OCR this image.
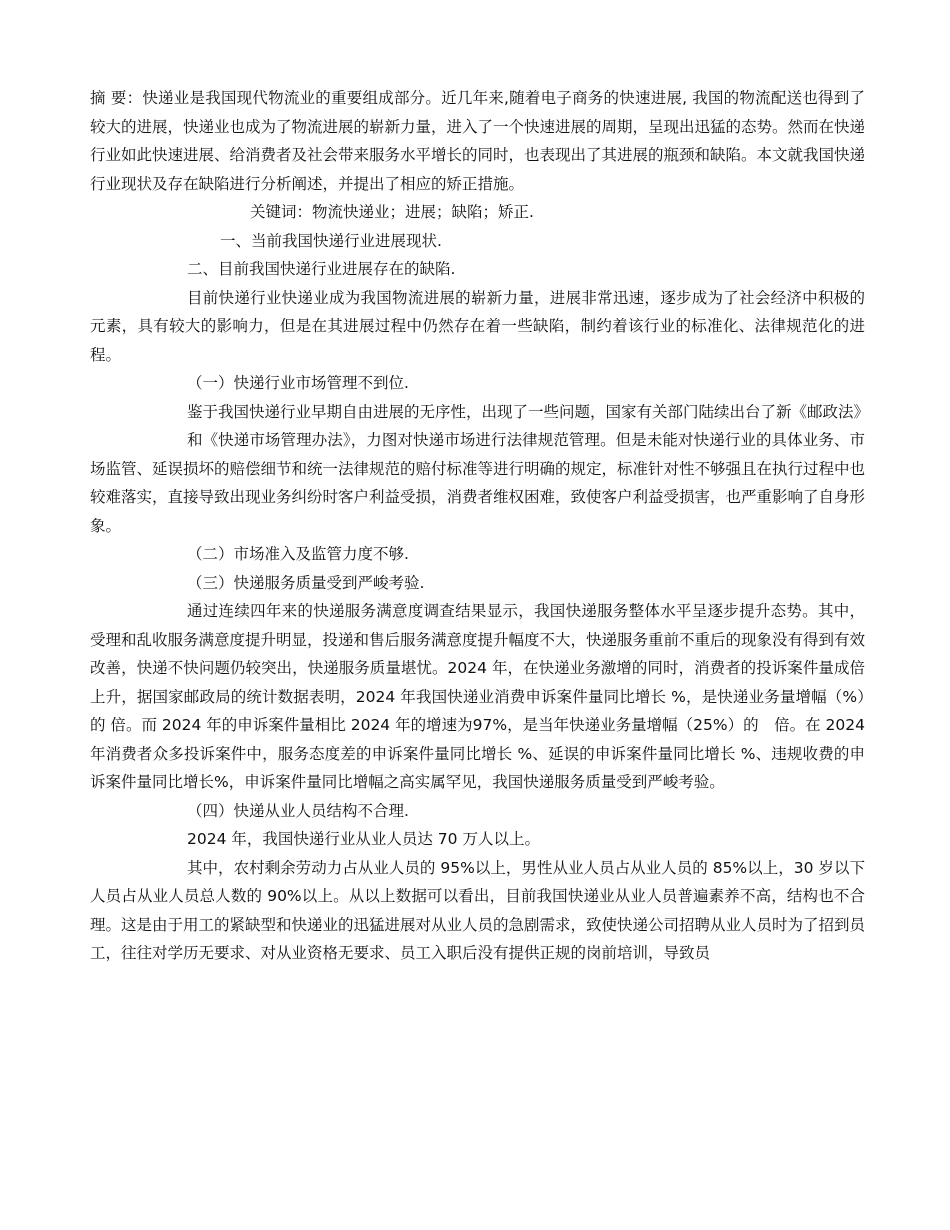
摘 要：快递业是我国现代物流业的重要组成部分。近几年来,随着电子商务的快速进展, 我国的物流配送也得到了较大的进展，快递业也成为了物流进展的崭新力量，进入了一个快速进展的周期，呈现出迅猛的态势。然而在快递行业如此快速进展、给消费者及社会带来服务水平增长的同时，也表现出了其进展的瓶颈和缺陷。本文就我国快递行业现状及存在缺陷进行分析阐述，并提出了相应的矫正措施。

关键词：物流快递业；进展；缺陷；矫正.

一、当前我国快递行业进展现状.

二、目前我国快递行业进展存在的缺陷.

目前快递行业快递业成为我国物流进展的崭新力量，进展非常迅速，逐步成为了社会经济中积极的元素，具有较大的影响力，但是在其进展过程中仍然存在着一些缺陷，制约着该行业的标准化、法律规范化的进程。

（一）快递行业市场管理不到位.

鉴于我国快递行业早期自由进展的无序性，出现了一些问题，国家有关部门陆续出台了新《邮政法》

和《快递市场管理办法》，力图对快递市场进行法律规范管理。但是未能对快递行业的具体业务、市场监管、延误损坏的赔偿细节和统一法律规范的赔付标准等进行明确的规定，标准针对性不够强且在执行过程中也较难落实，直接导致出现业务纠纷时客户利益受损，消费者维权困难，致使客户利益受损害，也严重影响了自身形象。

（二）市场准入及监管力度不够.

（三）快递服务质量受到严峻考验.

通过连续四年来的快递服务满意度调查结果显示，我国快递服务整体水平呈逐步提升态势。其中，受理和乱收服务满意度提升明显，投递和售后服务满意度提升幅度不大，快递服务重前不重后的现象没有得到有效改善，快递不快问题仍较突出，快递服务质量堪忧。2024 年，在快递业务激增的同时，消费者的投诉案件量成倍上升，据国家邮政局的统计数据表明，2024 年我国快递业消费申诉案件量同比增长 %，是快递业务量增幅（%）的 倍。而 2024 年的申诉案件量相比 2024 年的增速为97%，是当年快递业务量增幅（25%）的　倍。在 2024 年消费者众多投诉案件中，服务态度差的申诉案件量同比增长 %、延误的申诉案件量同比增长 %、违规收费的申诉案件量同比增长%，申诉案件量同比增幅之高实属罕见，我国快递服务质量受到严峻考验。

（四）快递从业人员结构不合理.

2024 年，我国快递行业从业人员达 70 万人以上。

其中，农村剩余劳动力占从业人员的 95%以上，男性从业人员占从业人员的 85%以上，30 岁以下人员占从业人员总人数的 90%以上。从以上数据可以看出，目前我国快递业从业人员普遍素养不高，结构也不合理。这是由于用工的紧缺型和快递业的迅猛进展对从业人员的急剧需求，致使快递公司招聘从业人员时为了招到员工，往往对学历无要求、对从业资格无要求、员工入职后没有提供正规的岗前培训，导致员
